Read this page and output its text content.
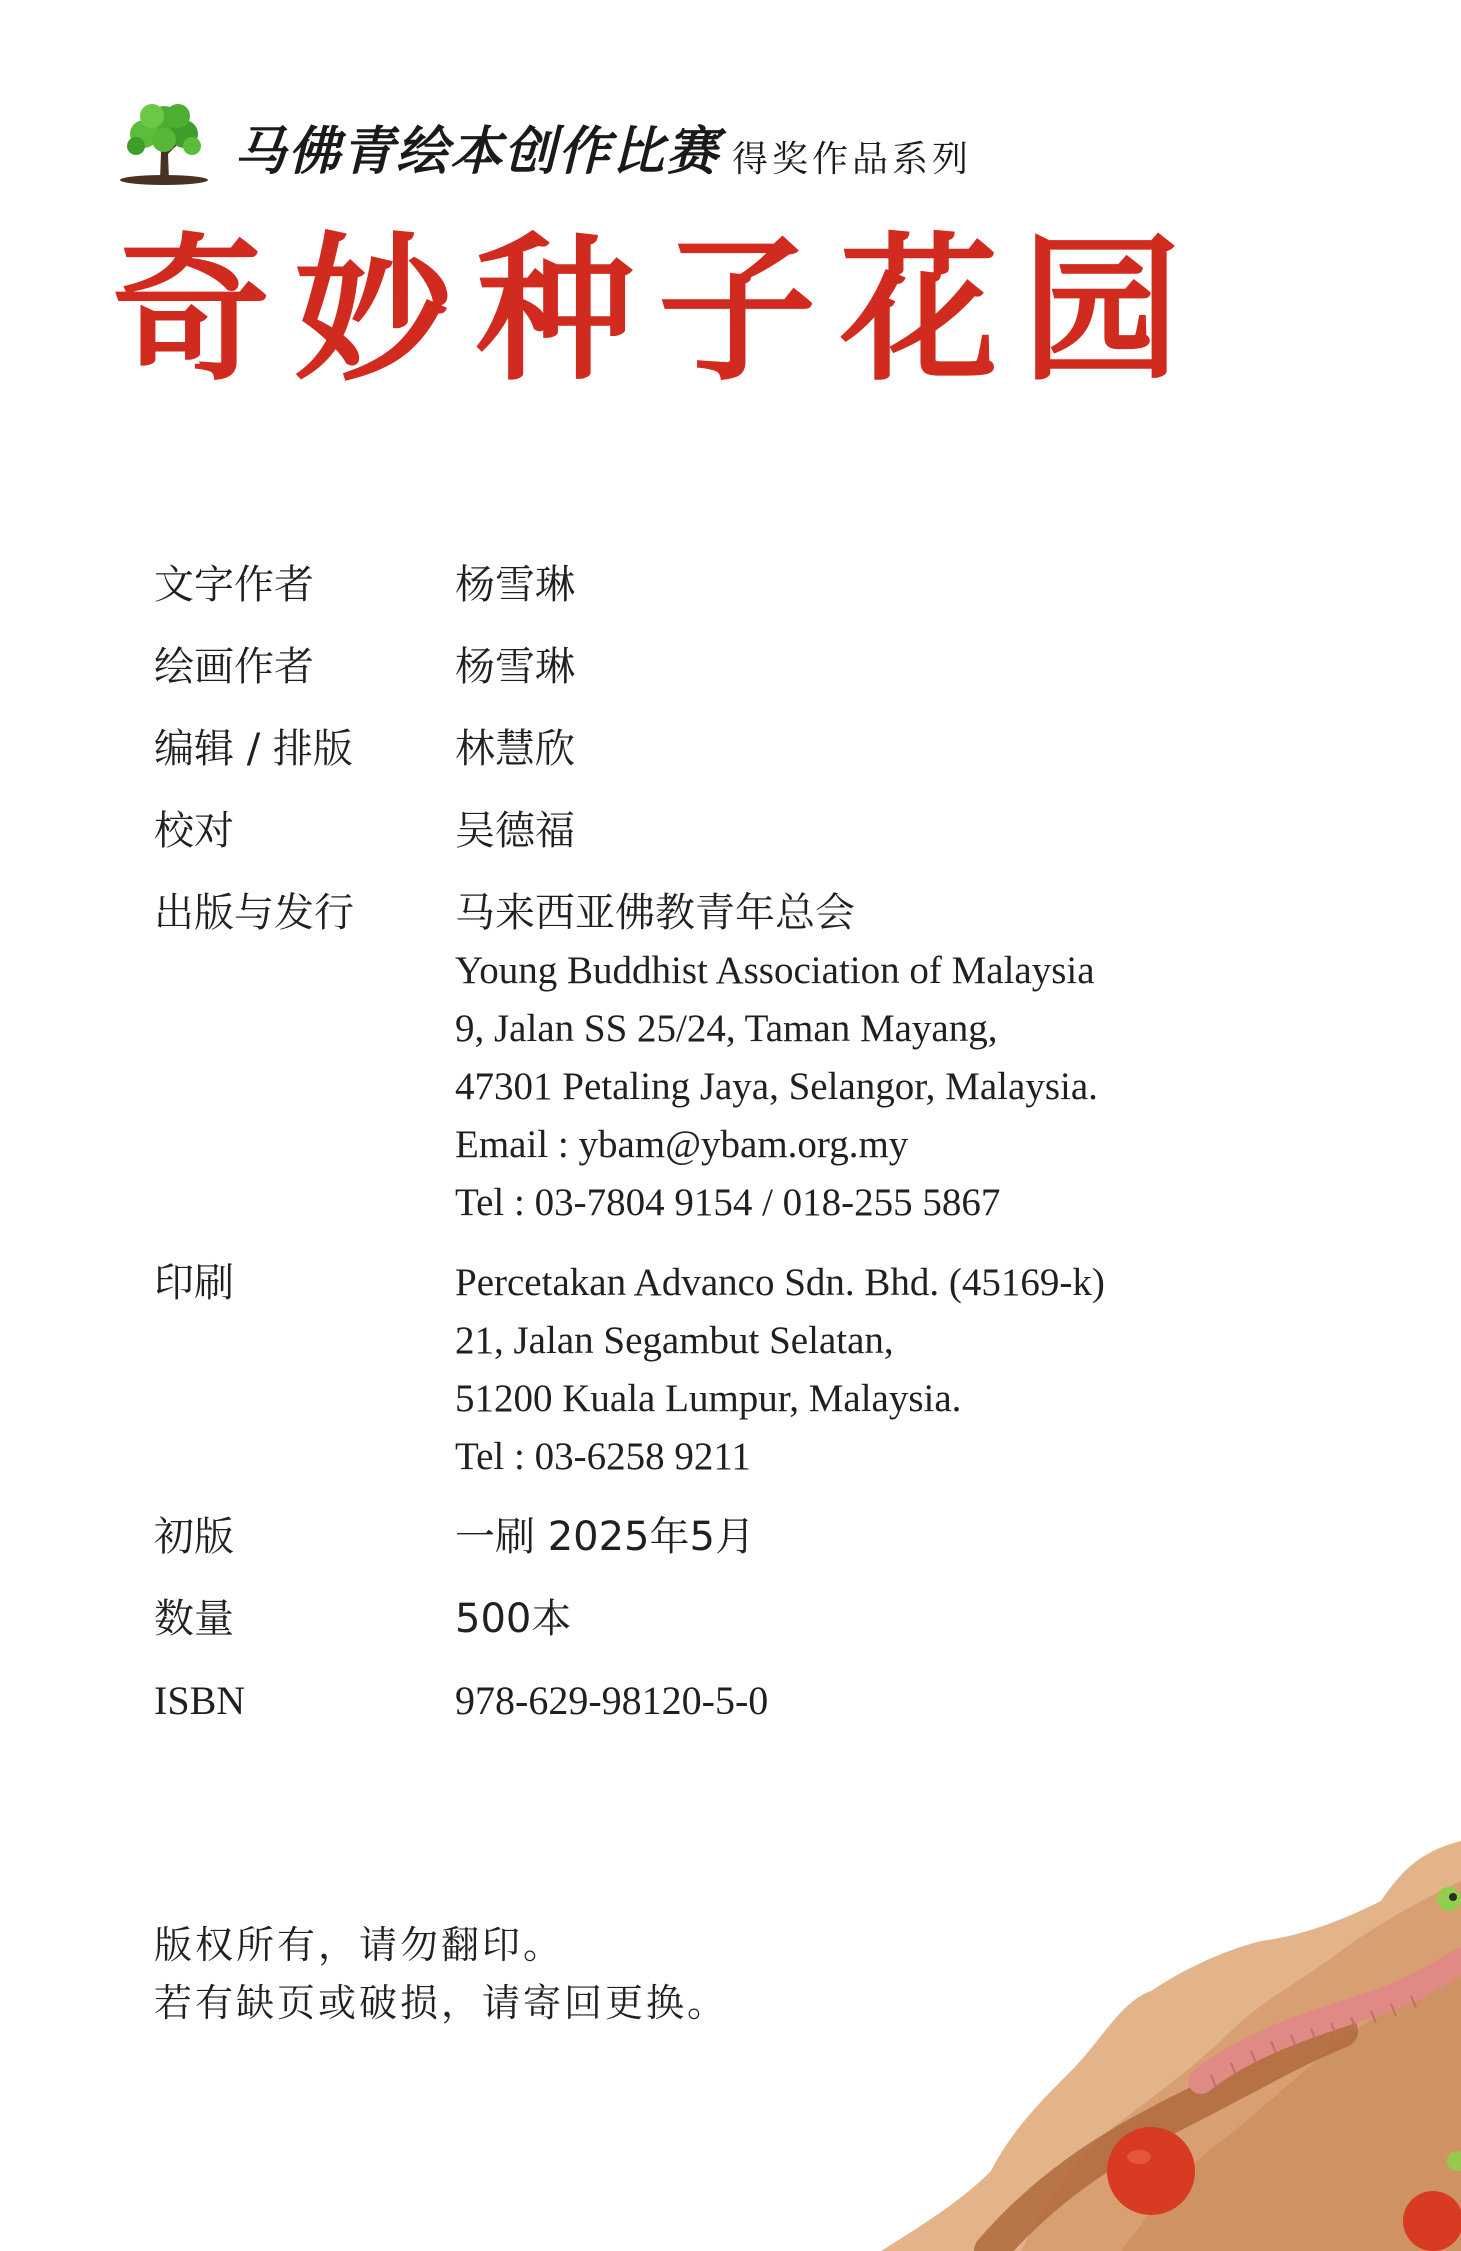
马佛青绘本创作比赛 得奖作品系列
奇妙种子花园
文字作者	杨雪琳
绘画作者	杨雪琳
编辑 / 排版	林慧欣
校对	吴德福
出版与发行	马来西亚佛教青年总会
Young Buddhist Association of Malaysia
9, Jalan SS 25/24, Taman Mayang,
47301 Petaling Jaya, Selangor, Malaysia.
Email : ybam@ybam.org.my
Tel : 03-7804 9154 / 018-255 5867
印刷	Percetakan Advanco Sdn. Bhd. (45169-k)
21, Jalan Segambut Selatan,
51200 Kuala Lumpur, Malaysia.
Tel : 03-6258 9211
初版	一刷 2025年5月
数量	500本
ISBN	978-629-98120-5-0
版权所有，请勿翻印。
若有缺页或破损，请寄回更换。
